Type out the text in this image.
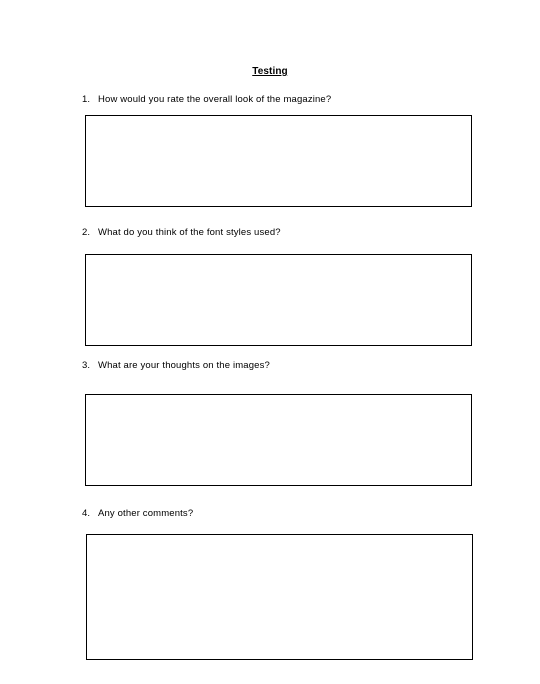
Testing
1. How would you rate the overall look of the magazine?
2. What do you think of the font styles used?
3. What are your thoughts on the images?
4. Any other comments?
